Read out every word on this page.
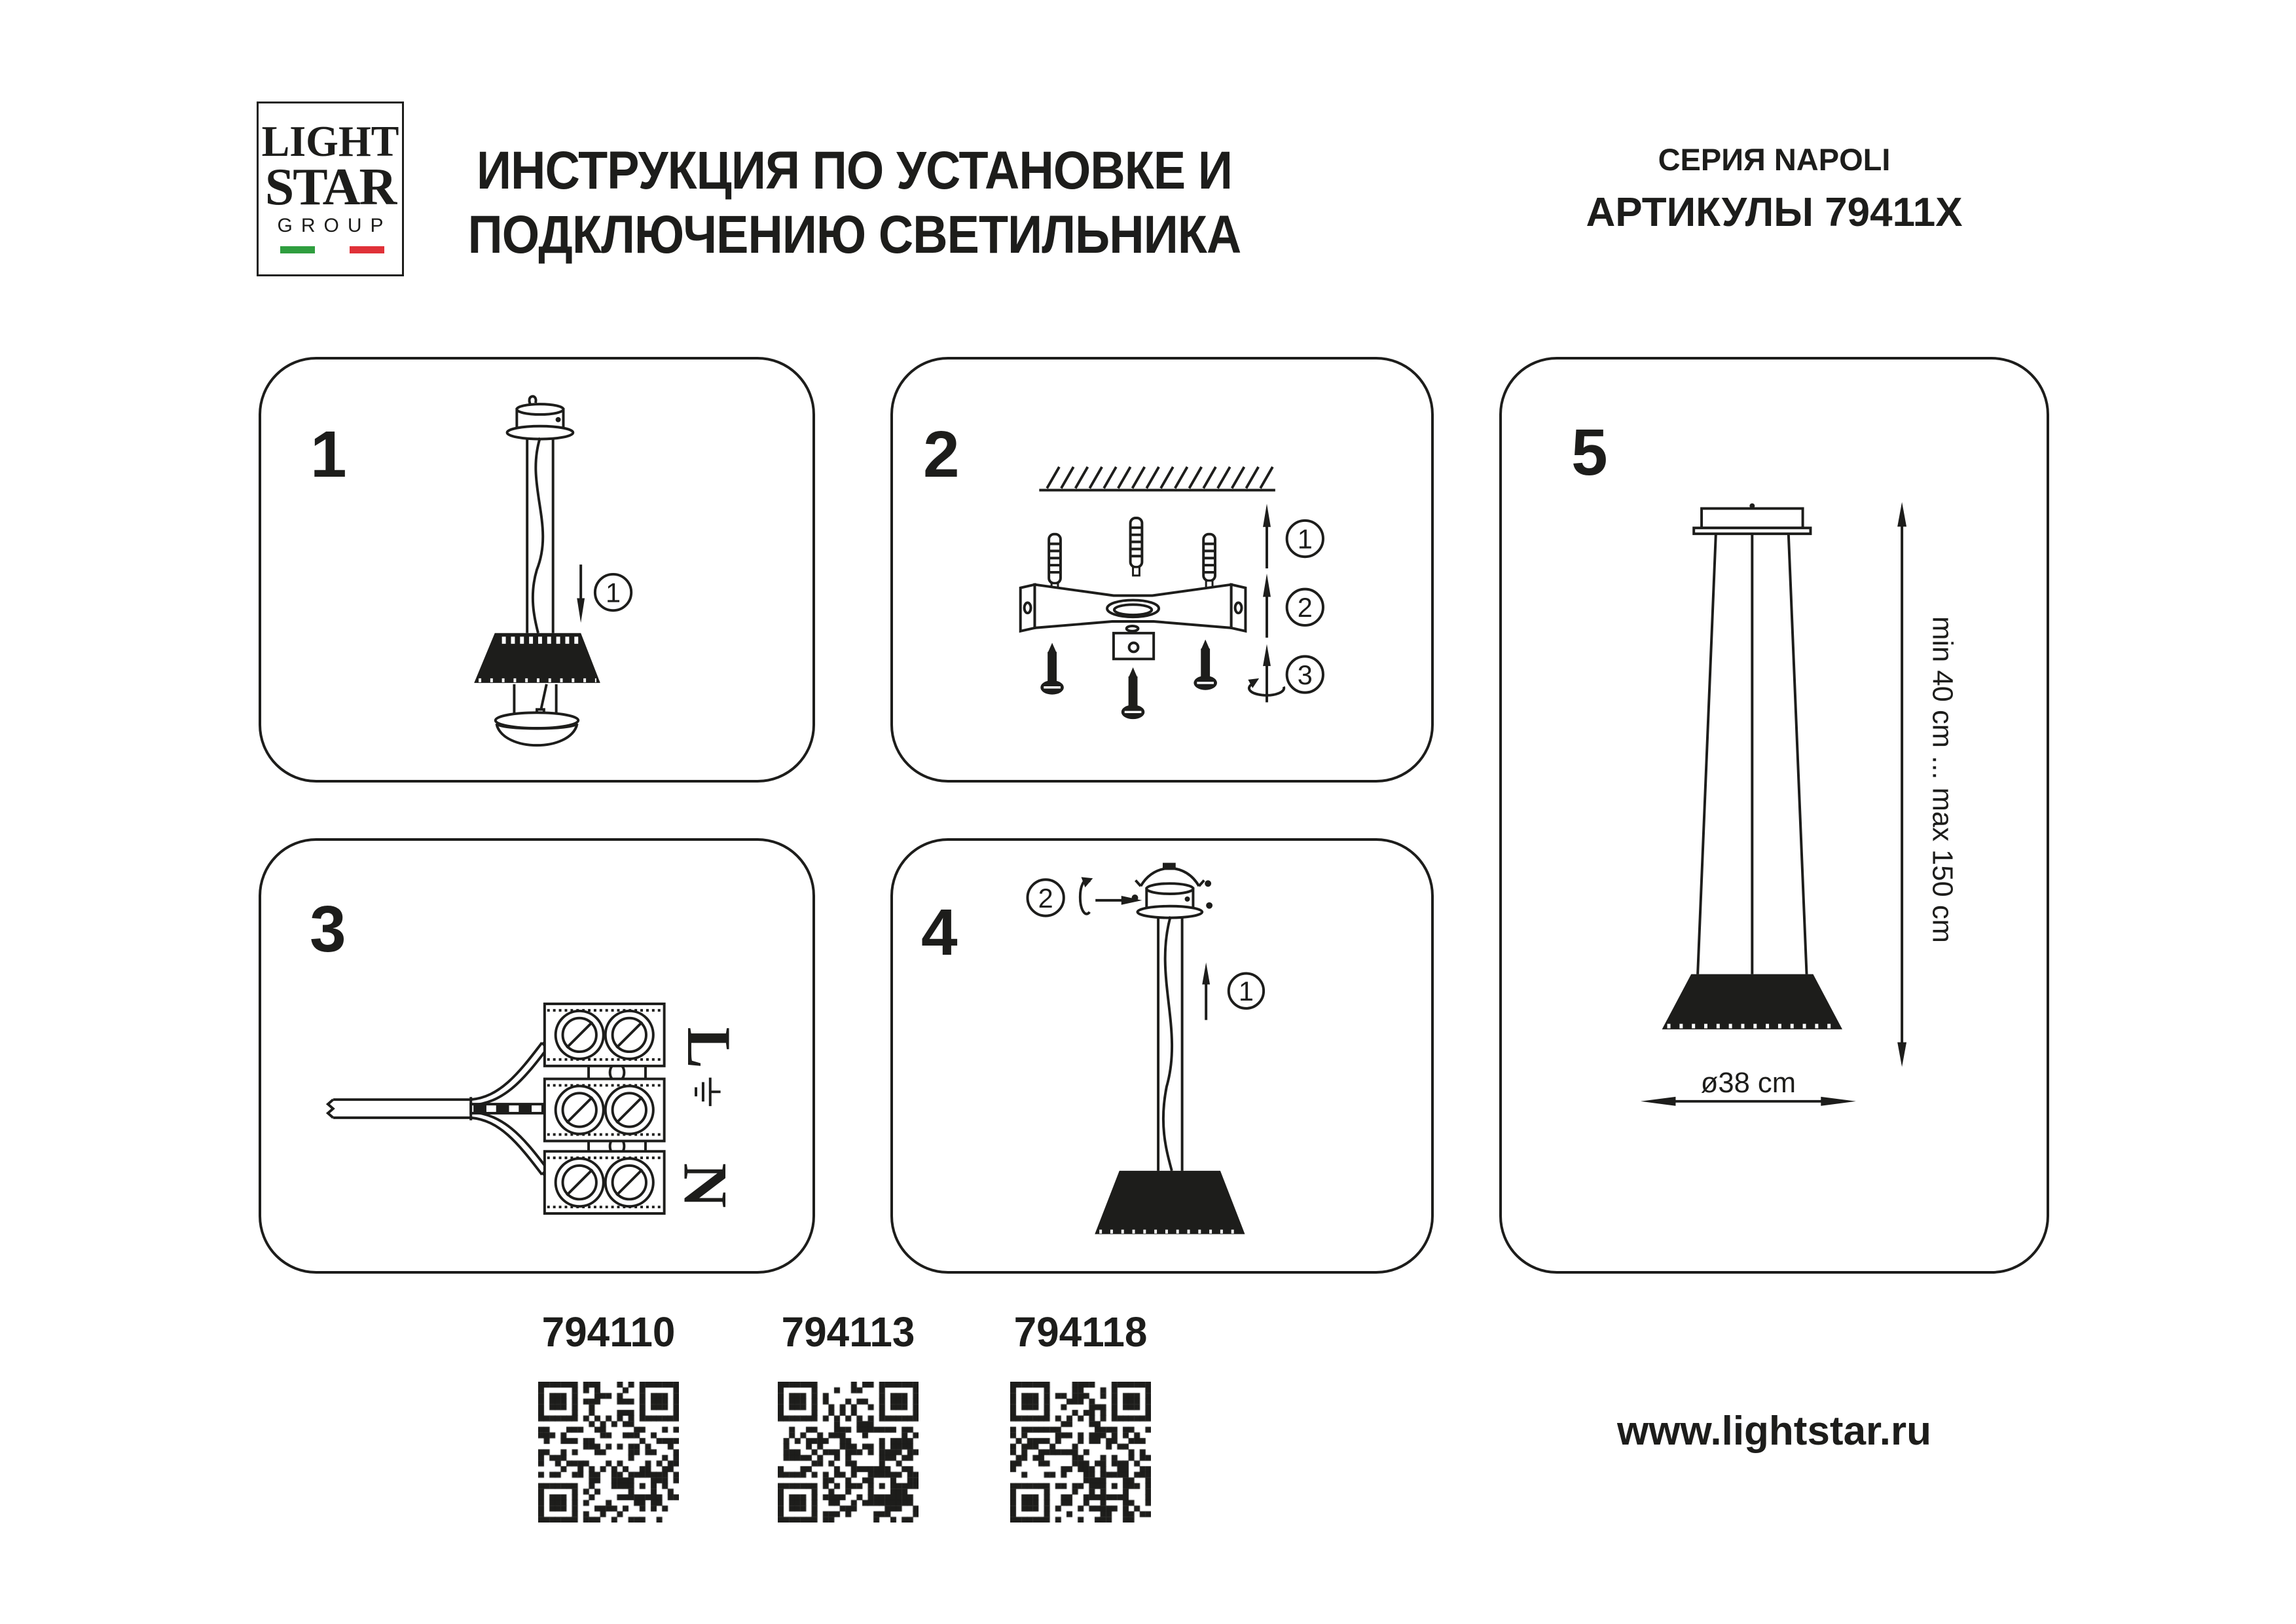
LIGHT
STAR
GROUP
ИНСТРУКЦИЯ ПО УСТАНОВКЕ И
ПОДКЛЮЧЕНИЮ СВЕТИЛЬНИКА
СЕРИЯ NAPOLI
АРТИКУЛЫ 79411X
1
1
2
1
2
3
3
L
N
4	2
1
5
min 40 cm ... max 150 cm
ø38 cm
794110	794113 794118
www.lightstar.ru
